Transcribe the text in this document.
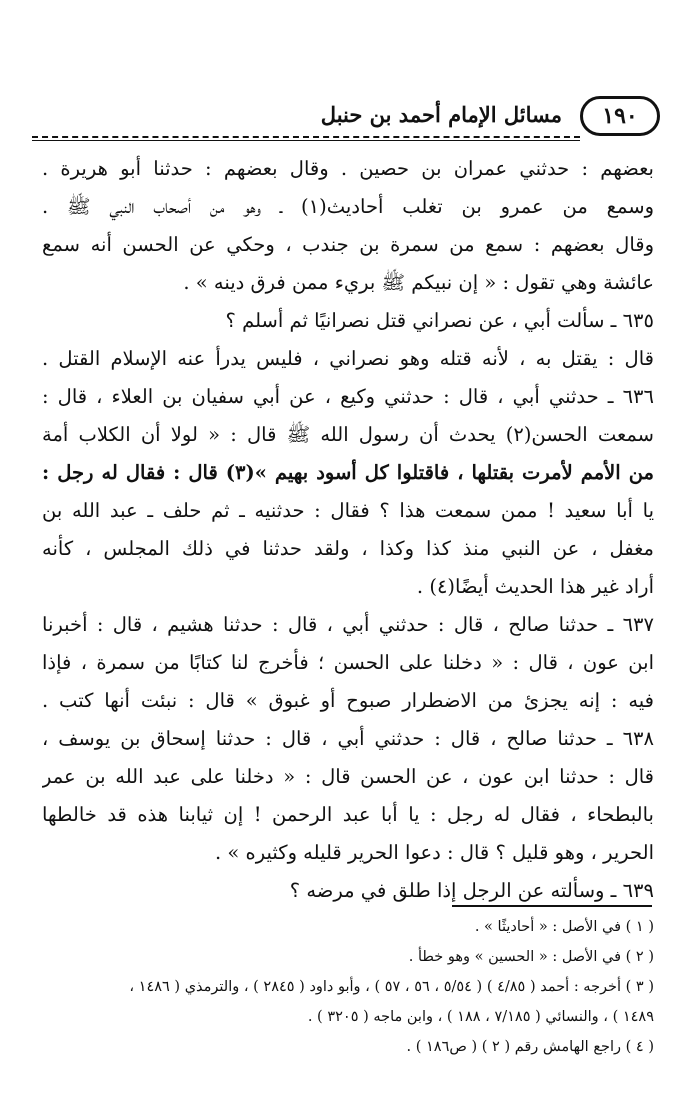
١٩٠
مسائل الإمام أحمد بن حنبل
بعضهم : حدثني عمران بن حصين . وقال بعضهم : حدثنا أبو هريرة .
وسمع من عمرو بن تغلب أحاديث(١) ـ وهو من أصحاب النبي ﷺ .
وقال بعضهم : سمع من سمرة بن جندب ، وحكي عن الحسن أنه سمع
عائشة وهي تقول : « إن نبيكم ﷺ بريء ممن فرق دينه » .
٦٣٥ ـ سألت أبي ، عن نصراني قتل نصرانيًا ثم أسلم ؟
قال : يقتل به ، لأنه قتله وهو نصراني ، فليس يدرأ عنه الإسلام القتل .
٦٣٦ ـ حدثني أبي ، قال : حدثني وكيع ، عن أبي سفيان بن العلاء ، قال :
سمعت الحسن(٢) يحدث أن رسول الله ﷺ قال : « لولا أن الكلاب أمة
من الأمم لأمرت بقتلها ، فاقتلوا كل أسود بهيم »(٣) قال : فقال له رجل :
يا أبا سعيد ! ممن سمعت هذا ؟ فقال : حدثنيه ـ ثم حلف ـ عبد الله بن
مغفل ، عن النبي منذ كذا وكذا ، ولقد حدثنا في ذلك المجلس ، كأنه
أراد غير هذا الحديث أيضًا(٤) .
٦٣٧ ـ حدثنا صالح ، قال : حدثني أبي ، قال : حدثنا هشيم ، قال : أخبرنا
ابن عون ، قال : « دخلنا على الحسن ؛ فأخرج لنا كتابًا من سمرة ، فإذا
فيه : إنه يجزئ من الاضطرار صبوح أو غبوق » قال : نبئت أنها كتب .
٦٣٨ ـ حدثنا صالح ، قال : حدثني أبي ، قال : حدثنا إسحاق بن يوسف ،
قال : حدثنا ابن عون ، عن الحسن قال : « دخلنا على عبد الله بن عمر
بالبطحاء ، فقال له رجل : يا أبا عبد الرحمن ! إن ثيابنا هذه قد خالطها
الحرير ، وهو قليل ؟ قال : دعوا الحرير قليله وكثيره » .
٦٣٩ ـ وسألته عن الرجل إذا طلق في مرضه ؟
( ١ ) في الأصل : « أحاديثًا » .
( ٢ ) في الأصل : « الحسين » وهو خطأ .
( ٣ ) أخرجه : أحمد ( ٤/٨٥ ) ( ٥/٥٤ ، ٥٦ ، ٥٧ ) ، وأبو داود ( ٢٨٤٥ ) ، والترمذي ( ١٤٨٦ ،
١٤٨٩ ) ، والنسائي ( ٧/١٨٥ ، ١٨٨ ) ، وابن ماجه ( ٣٢٠٥ ) .
( ٤ ) راجع الهامش رقم ( ٢ ) ( ص١٨٦ ) .
